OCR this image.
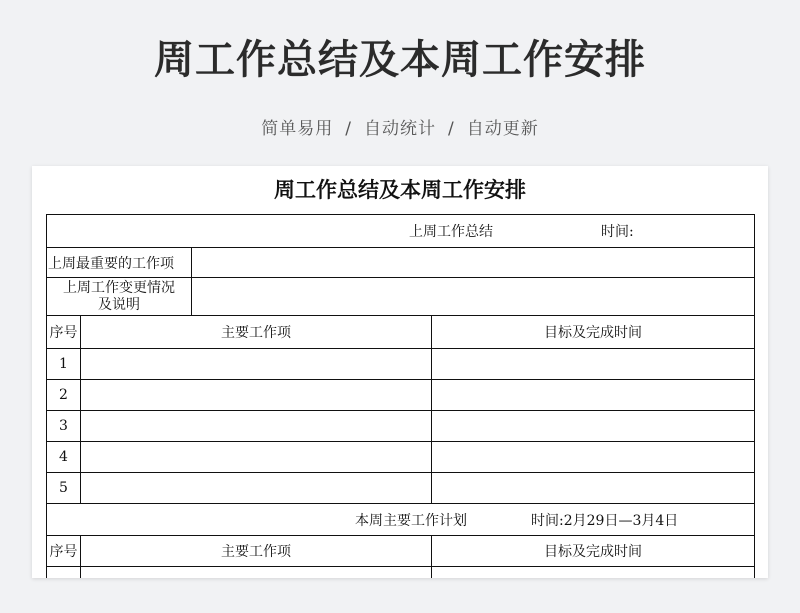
周工作总结及本周工作安排
简单易用 / 自动统计 / 自动更新
周工作总结及本周工作安排
上周工作总结 时间:			

上周最重要的工作项			

上周工作变更情况
及说明			

序号	主要工作项		目标及完成时间
1			
2			
3			
4			
5			

本周主要工作计划 时间:2月29日—3月4日			

序号	主要工作项		目标及完成时间
